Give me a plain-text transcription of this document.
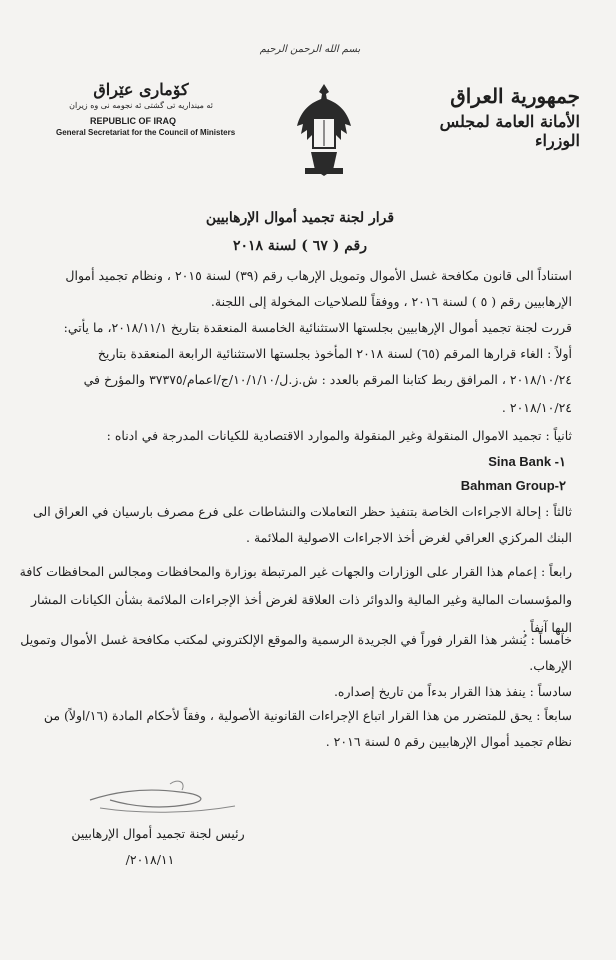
بسم الله الرحمن الرحيم
جمهورية العراق
الأمانة العامة لمجلس الوزراء
كۆماری عێراق
ئه‌ مینداریه‌ تی گشتی ئه‌ نجومه‌ نی وه‌ زیران
REPUBLIC OF IRAQ
General Secretariat for the Council of Ministers
قرار لجنة تجميد أموال الإرهابيين
رقم ( ٦٧ ) لسنة ٢٠١٨
استناداً الى قانون مكافحة غسل الأموال وتمويل الإرهاب رقم (٣٩) لسنة ٢٠١٥ ، ونظام تجميد أموال
الإرهابيين رقم ( ٥ ) لسنة ٢٠١٦ ، ووفقاً للصلاحيات المخولة إلى اللجنة.
قررت لجنة تجميد أموال الإرهابيين بجلستها الاستثنائية الخامسة المنعقدة بتاريخ ٢٠١٨/١١/١، ما يأتي:
أولاً : الغاء قرارها المرقم (٦٥) لسنة ٢٠١٨ المأخوذ بجلستها الاستثنائية الرابعة المنعقدة بتاريخ
٢٠١٨/١٠/٢٤ ، المرافق ربط كتابنا المرقم بالعدد : ش.ز.ل/١٠/١/١٠/ج/اعمام/٣٧٣٧٥ والمؤرخ في
٢٠١٨/١٠/٢٤ .
ثانياً : تجميد الاموال المنقولة وغير المنقولة والموارد الاقتصادية للكيانات المدرجة في ادناه :
Sina Bank -١
Bahman Group-٢
ثالثاً : إحالة الاجراءات الخاصة بتنفيذ حظر التعاملات والنشاطات على فرع مصرف بارسيان في العراق الى
البنك المركزي العراقي لغرض أخذ الاجراءات الاصولية الملائمة .
رابعاً : إعمام هذا القرار على الوزارات والجهات غير المرتبطة بوزارة والمحافظات ومجالس المحافظات كافة
والمؤسسات المالية وغير المالية والدوائر ذات العلاقة لغرض أخذ الإجراءات الملائمة بشأن الكيانات المشار
اليها آنفاً .
خامساً : يُنشر هذا القرار فوراً في الجريدة الرسمية والموقع الإلكتروني لمكتب مكافحة غسل الأموال وتمويل
الإرهاب.
سادساً : ينفذ هذا القرار بدءاً من تاريخ إصداره.
سابعاً : يحق للمتضرر من هذا القرار اتباع الإجراءات القانونية الأصولية ، وفقاً لأحكام المادة (١٦/اولاً) من
نظام تجميد أموال الإرهابيين رقم ٥ لسنة ٢٠١٦ .
رئيس لجنة تجميد أموال الإرهابيين
٢٠١٨/١١/
